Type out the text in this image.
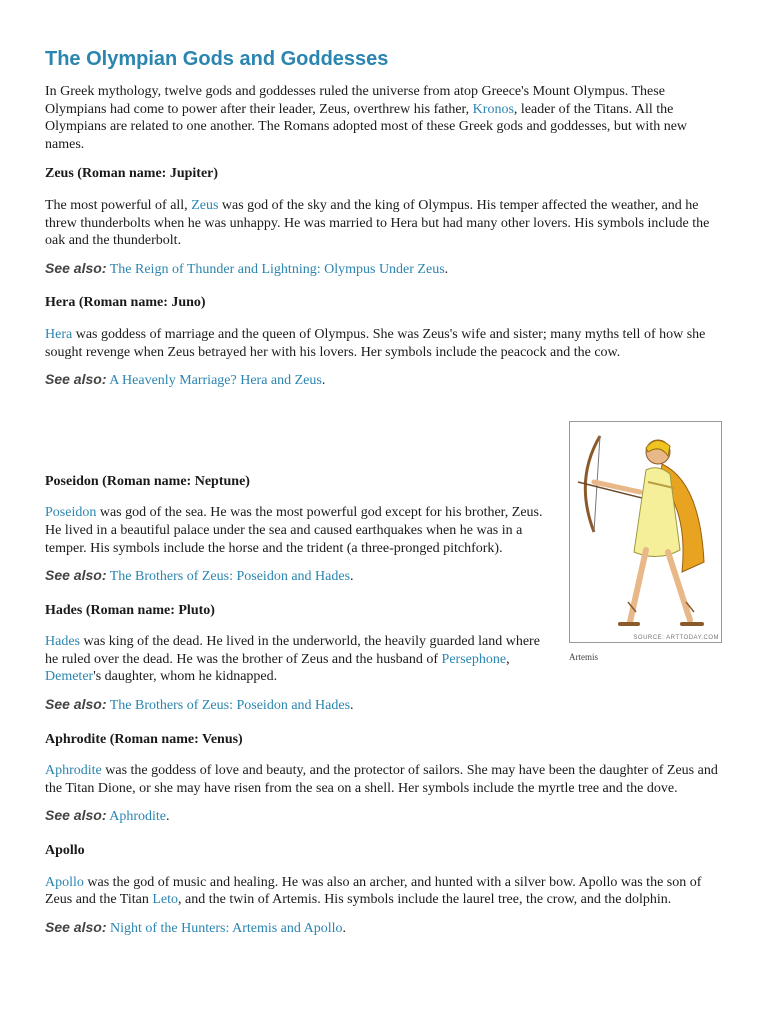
The Olympian Gods and Goddesses

In Greek mythology, twelve gods and goddesses ruled the universe from atop Greece's Mount Olympus. These Olympians had come to power after their leader, Zeus, overthrew his father, Kronos, leader of the Titans. All the Olympians are related to one another. The Romans adopted most of these Greek gods and goddesses, but with new names.

Zeus (Roman name: Jupiter)

The most powerful of all, Zeus was god of the sky and the king of Olympus. His temper affected the weather, and he threw thunderbolts when he was unhappy. He was married to Hera but had many other lovers. His symbols include the oak and the thunderbolt.

See also: The Reign of Thunder and Lightning: Olympus Under Zeus.

Hera (Roman name: Juno)

Hera was goddess of marriage and the queen of Olympus. She was Zeus's wife and sister; many myths tell of how she sought revenge when Zeus betrayed her with his lovers. Her symbols include the peacock and the cow.

See also: A Heavenly Marriage? Hera and Zeus.

Poseidon (Roman name: Neptune)

Poseidon was god of the sea. He was the most powerful god except for his brother, Zeus. He lived in a beautiful palace under the sea and caused earthquakes when he was in a temper. His symbols include the horse and the trident (a three-pronged pitchfork).

See also: The Brothers of Zeus: Poseidon and Hades.

Hades (Roman name: Pluto)

Hades was king of the dead. He lived in the underworld, the heavily guarded land where he ruled over the dead. He was the brother of Zeus and the husband of Persephone, Demeter's daughter, whom he kidnapped.

See also: The Brothers of Zeus: Poseidon and Hades.

Aphrodite (Roman name: Venus)

Aphrodite was the goddess of love and beauty, and the protector of sailors. She may have been the daughter of Zeus and the Titan Dione, or she may have risen from the sea on a shell. Her symbols include the myrtle tree and the dove.

See also: Aphrodite.

Apollo

Apollo was the god of music and healing. He was also an archer, and hunted with a silver bow. Apollo was the son of Zeus and the Titan Leto, and the twin of Artemis. His symbols include the laurel tree, the crow, and the dolphin.

See also: Night of the Hunters: Artemis and Apollo.

SOURCE: ARTTODAY.COM
Artemis
